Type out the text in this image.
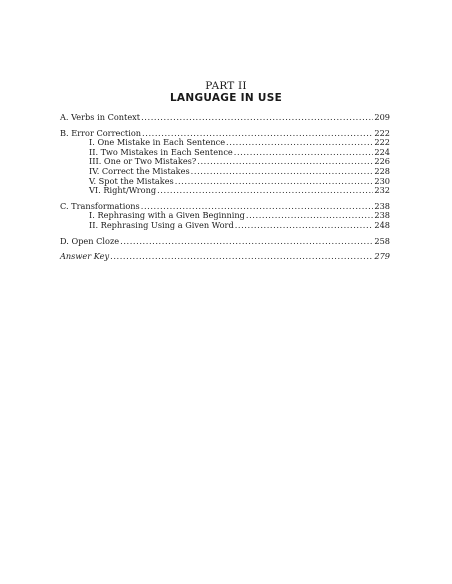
PART II
LANGUAGE IN USE
A. Verbs in Context .....	209
B. Error Correction .....	222
I. One Mistake in Each Sentence .....	222
II. Two Mistakes in Each Sentence .....	224
III. One or Two Mistakes? .....	226
IV. Correct the Mistakes .....	228
V. Spot the Mistakes .....	230
VI. Right/Wrong .....	232
C. Transformations .....	238
I. Rephrasing with a Given Beginning .....	238
II. Rephrasing Using a Given Word .....	248
D. Open Cloze .....	258
Answer Key .....	279
